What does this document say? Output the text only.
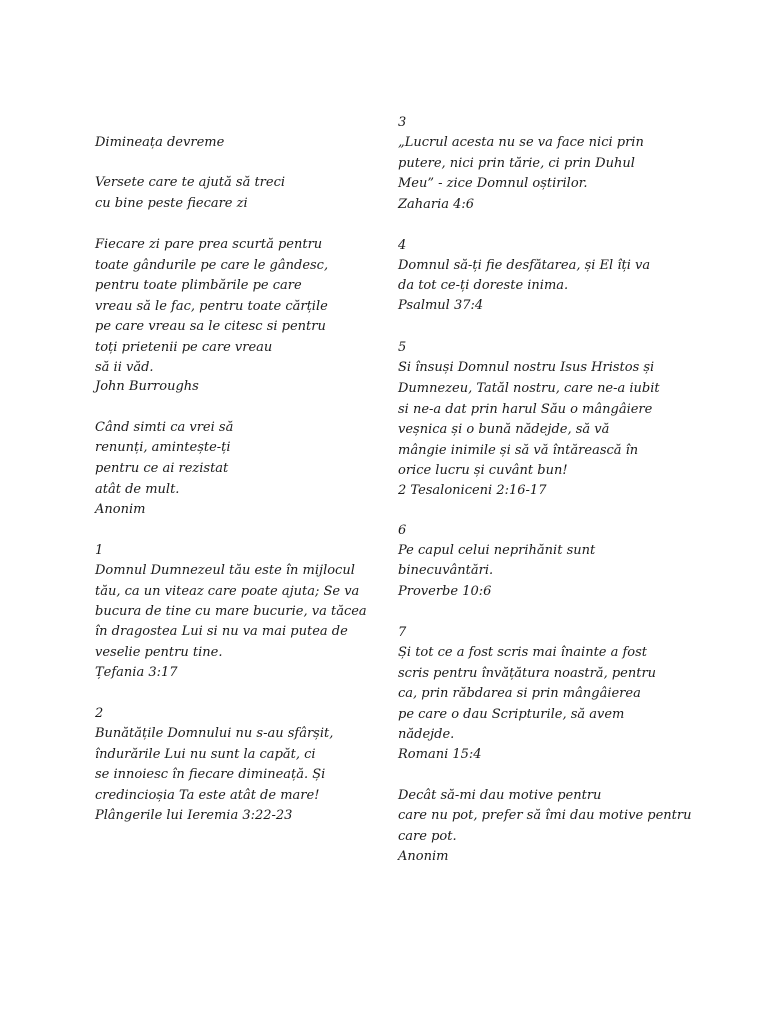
Dimineața devreme
Versete care te ajută să treci
cu bine peste fiecare zi
Fiecare zi pare prea scurtă pentru
toate gândurile pe care le gândesc,
pentru toate plimbările pe care
vreau să le fac, pentru toate cărțile
pe care vreau sa le citesc si pentru
toți prietenii pe care vreau
să ii văd.
John Burroughs
Când simti ca vrei să
renunți, amintește-ți
pentru ce ai rezistat
atât de mult.
Anonim
1
Domnul Dumnezeul tău este în mijlocul
tău, ca un viteaz care poate ajuta; Se va
bucura de tine cu mare bucurie, va tăcea
în dragostea Lui si nu va mai putea de
veselie pentru tine.
Țefania 3:17
2
Bunătățile Domnului nu s-au sfârșit,
îndurările Lui nu sunt la capăt, ci
se innoiesc în fiecare dimineață. Și
credincioșia Ta este atât de mare!
Plângerile lui Ieremia 3:22-23
3
„Lucrul acesta nu se va face nici prin
putere, nici prin tărie, ci prin Duhul
Meu” - zice Domnul oștirilor.
Zaharia 4:6
4
Domnul să-ți fie desfătarea, și El îți va
da tot ce-ți doreste inima.
Psalmul 37:4
5
Si însuși Domnul nostru Isus Hristos și
Dumnezeu, Tatăl nostru, care ne-a iubit
si ne-a dat prin harul Său o mângâiere
veșnica și o bună nădejde, să vă
mângie inimile și să vă întărească în
orice lucru și cuvânt bun!
2 Tesaloniceni 2:16-17
6
Pe capul celui neprihănit sunt
binecuvântări.
Proverbe 10:6
7
Și tot ce a fost scris mai înainte a fost
scris pentru învățătura noastră, pentru
ca, prin răbdarea si prin mângâierea
pe care o dau Scripturile, să avem
nădejde.
Romani 15:4
Decât să-mi dau motive pentru
care nu pot, prefer să îmi dau motive pentru
care pot.
Anonim
